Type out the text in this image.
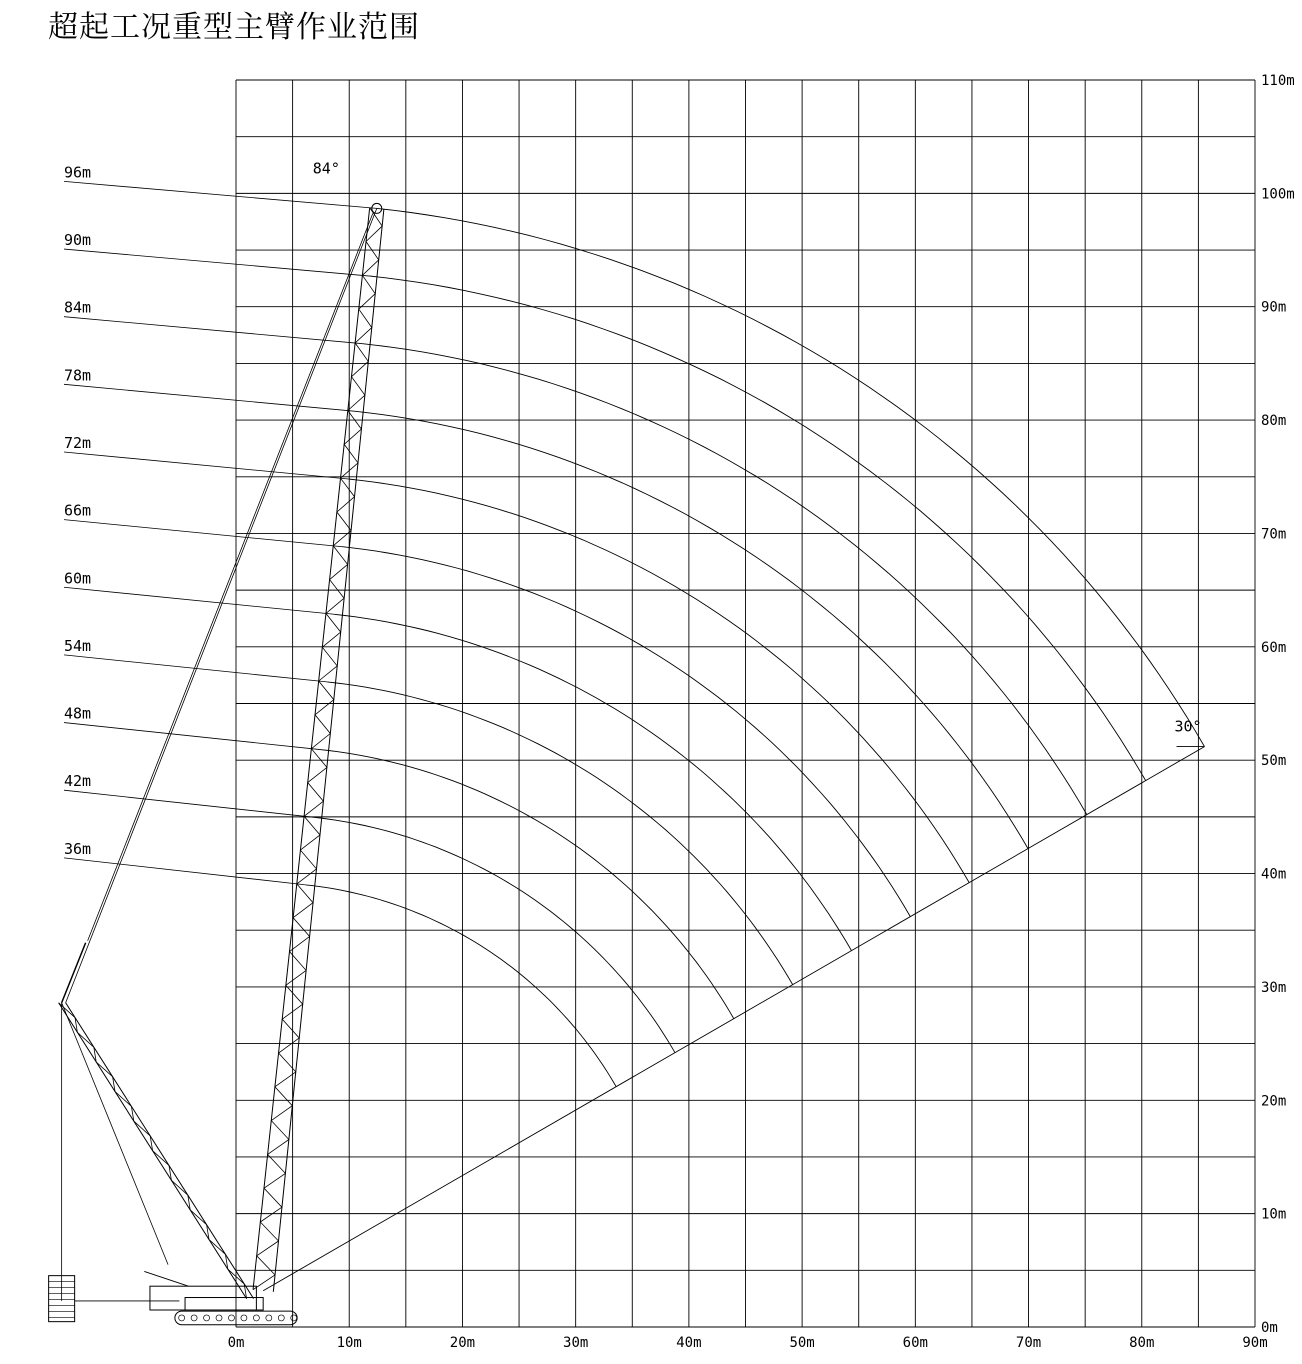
超起工况重型主臂作业范围
0m	10m	20m	30m	40m	50m	60m	70m	80m	90m
0m
10m
20m
30m
40m
50m
60m
70m
80m
90m
100m
110m
36m
42m
48m
54m
60m
66m
72m
78m
84m
90m
96m	84°
30°
